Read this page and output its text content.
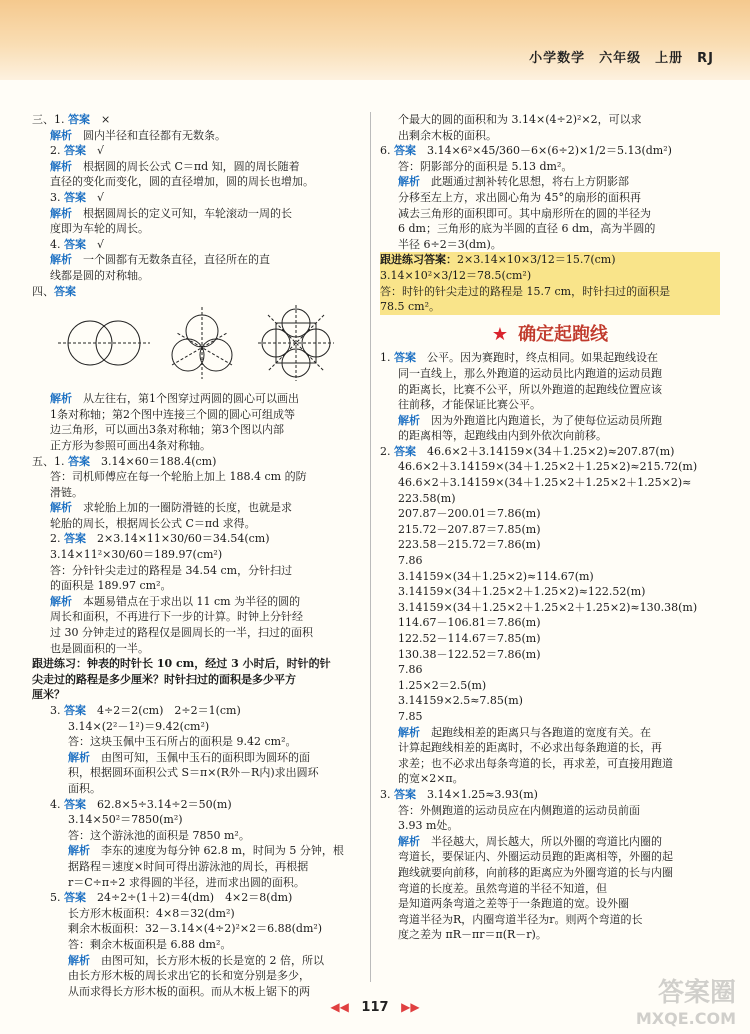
小学数学　六年级　上册　RJ
三、1. 答案　×
解析　圆内半径和直径都有无数条。
2. 答案　√
解析　根据圆的周长公式 C＝πd 知，圆的周长随着
直径的变化而变化，圆的直径增加，圆的周长也增加。
3. 答案　√
解析　根据圆周长的定义可知，车轮滚动一周的长
度即为车轮的周长。
4. 答案　√
解析　一个圆都有无数条直径，直径所在的直
线都是圆的对称轴。
四、答案
解析　从左往右，第1个图穿过两圆的圆心可以画出
1条对称轴；第2个图中连接三个圆的圆心可组成等
边三角形，可以画出3条对称轴；第3个图以内部
正方形为参照可画出4条对称轴。
五、1. 答案　3.14×60＝188.4(cm)
答：司机师傅应在每一个轮胎上加上 188.4 cm 的防
滑链。
解析　求轮胎上加的一圈防滑链的长度，也就是求
轮胎的周长，根据周长公式 C＝πd 求得。
2. 答案　2×3.14×11×30/60＝34.54(cm)
3.14×11²×30/60＝189.97(cm²)
答：分针针尖走过的路程是 34.54 cm，分针扫过
的面积是 189.97 cm²。
解析　本题易错点在于求出以 11 cm 为半径的圆的
周长和面积，不再进行下一步的计算。时钟上分针经
过 30 分钟走过的路程仅是圆周长的一半，扫过的面积
也是圆面积的一半。
跟进练习：钟表的时针长 10 cm，经过 3 小时后，时针的针
尖走过的路程是多少厘米？时针扫过的面积是多少平方
厘米？
3. 答案　4÷2＝2(cm)　2÷2＝1(cm)
3.14×(2²－1²)＝9.42(cm²)
答：这块玉佩中玉石所占的面积是 9.42 cm²。
解析　由图可知，玉佩中玉石的面积即为圆环的面
积，根据圆环面积公式 S＝π×(R外－R内)求出圆环
面积。
4. 答案　62.8×5÷3.14÷2＝50(m)
3.14×50²＝7850(m²)
答：这个游泳池的面积是 7850 m²。
解析　李东的速度为每分钟 62.8 m，时间为 5 分钟，根
据路程＝速度×时间可得出游泳池的周长，再根据
r＝C÷π÷2 求得圆的半径，进而求出圆的面积。
5. 答案　24÷2÷(1＋2)＝4(dm)　4×2＝8(dm)
长方形木板面积：4×8＝32(dm²)
剩余木板面积：32－3.14×(4÷2)²×2＝6.88(dm²)
答：剩余木板面积是 6.88 dm²。
解析　由图可知，长方形木板的长是宽的 2 倍，所以
由长方形木板的周长求出它的长和宽分别是多少，
从而求得长方形木板的面积。而从木板上锯下的两
个最大的圆的面积和为 3.14×(4÷2)²×2，可以求
出剩余木板的面积。
6. 答案　3.14×6²×45/360－6×(6÷2)×1/2＝5.13(dm²)
答：阴影部分的面积是 5.13 dm²。
解析　此题通过割补转化思想，将右上方阴影部
分移至左上方，求出圆心角为 45°的扇形的面积再
减去三角形的面积即可。其中扇形所在的圆的半径为
6 dm；三角形的底为半圆的直径 6 dm，高为半圆的
半径 6÷2＝3(dm)。
跟进练习答案：2×3.14×10×3/12＝15.7(cm)
3.14×10²×3/12＝78.5(cm²)
答：时针的针尖走过的路程是 15.7 cm，时针扫过的面积是
78.5 cm²。
★ 确定起跑线
1. 答案　公平。因为赛跑时，终点相同。如果起跑线设在
同一直线上，那么外跑道的运动员比内跑道的运动员跑
的距离长，比赛不公平，所以外跑道的起跑线位置应该
往前移，才能保证比赛公平。
解析　因为外跑道比内跑道长，为了使每位运动员所跑
的距离相等，起跑线由内到外依次向前移。
2. 答案　46.6×2＋3.14159×(34＋1.25×2)≈207.87(m)
46.6×2＋3.14159×(34＋1.25×2＋1.25×2)≈215.72(m)
46.6×2＋3.14159×(34＋1.25×2＋1.25×2＋1.25×2)≈
223.58(m)
207.87－200.01＝7.86(m)
215.72－207.87＝7.85(m)
223.58－215.72＝7.86(m)
7.86
3.14159×(34＋1.25×2)≈114.67(m)
3.14159×(34＋1.25×2＋1.25×2)≈122.52(m)
3.14159×(34＋1.25×2＋1.25×2＋1.25×2)≈130.38(m)
114.67－106.81＝7.86(m)
122.52－114.67＝7.85(m)
130.38－122.52＝7.86(m)
7.86
1.25×2＝2.5(m)
3.14159×2.5≈7.85(m)
7.85
解析　起跑线相差的距离只与各跑道的宽度有关。在
计算起跑线相差的距离时，不必求出每条跑道的长，再
求差；也不必求出每条弯道的长，再求差，可直接用跑道
的宽×2×π。
3. 答案　3.14×1.25≈3.93(m)
答：外侧跑道的运动员应在内侧跑道的运动员前面
3.93 m处。
解析　半径越大，周长越大，所以外圈的弯道比内圈的
弯道长，要保证内、外圈运动员跑的距离相等，外圈的起
跑线就要向前移，向前移的距离应为外圈弯道的长与内圈
弯道的长度差。虽然弯道的半径不知道，但
是知道两条弯道之差等于一条跑道的宽。设外圈
弯道半径为R，内圈弯道半径为r。则两个弯道的长
度之差为 πR－πr＝π(R－r)。
◀◀ 117 ▶▶	答案圈
MXQE.COM
